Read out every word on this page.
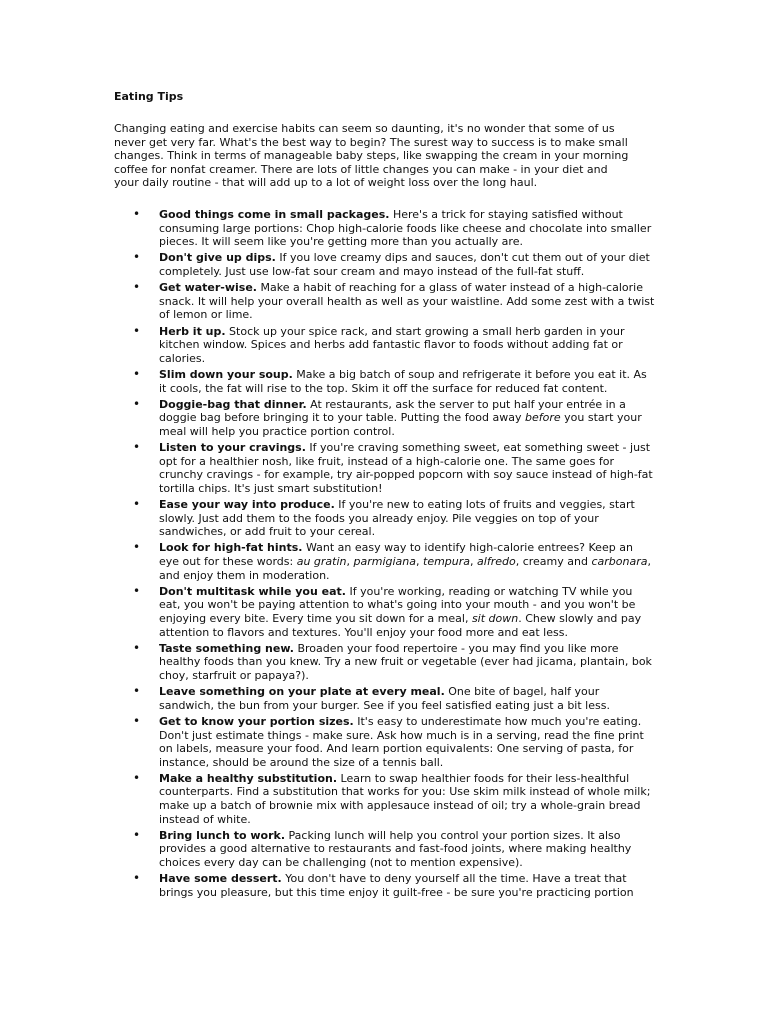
Eating Tips

Changing eating and exercise habits can seem so daunting, it's no wonder that some of us never get very far. What's the best way to begin? The surest way to success is to make small changes. Think in terms of manageable baby steps, like swapping the cream in your morning coffee for nonfat creamer. There are lots of little changes you can make - in your diet and your daily routine - that will add up to a lot of weight loss over the long haul.

• Good things come in small packages. Here's a trick for staying satisfied without consuming large portions: Chop high-calorie foods like cheese and chocolate into smaller pieces. It will seem like you're getting more than you actually are.
• Don't give up dips. If you love creamy dips and sauces, don't cut them out of your diet completely. Just use low-fat sour cream and mayo instead of the full-fat stuff.
• Get water-wise. Make a habit of reaching for a glass of water instead of a high-calorie snack. It will help your overall health as well as your waistline. Add some zest with a twist of lemon or lime.
• Herb it up. Stock up your spice rack, and start growing a small herb garden in your kitchen window. Spices and herbs add fantastic flavor to foods without adding fat or calories.
• Slim down your soup. Make a big batch of soup and refrigerate it before you eat it. As it cools, the fat will rise to the top. Skim it off the surface for reduced fat content.
• Doggie-bag that dinner. At restaurants, ask the server to put half your entrée in a doggie bag before bringing it to your table. Putting the food away before you start your meal will help you practice portion control.
• Listen to your cravings. If you're craving something sweet, eat something sweet - just opt for a healthier nosh, like fruit, instead of a high-calorie one. The same goes for crunchy cravings - for example, try air-popped popcorn with soy sauce instead of high-fat tortilla chips. It's just smart substitution!
• Ease your way into produce. If you're new to eating lots of fruits and veggies, start slowly. Just add them to the foods you already enjoy. Pile veggies on top of your sandwiches, or add fruit to your cereal.
• Look for high-fat hints. Want an easy way to identify high-calorie entrees? Keep an eye out for these words: au gratin, parmigiana, tempura, alfredo, creamy and carbonara, and enjoy them in moderation.
• Don't multitask while you eat. If you're working, reading or watching TV while you eat, you won't be paying attention to what's going into your mouth - and you won't be enjoying every bite. Every time you sit down for a meal, sit down. Chew slowly and pay attention to flavors and textures. You'll enjoy your food more and eat less.
• Taste something new. Broaden your food repertoire - you may find you like more healthy foods than you knew. Try a new fruit or vegetable (ever had jicama, plantain, bok choy, starfruit or papaya?).
• Leave something on your plate at every meal. One bite of bagel, half your sandwich, the bun from your burger. See if you feel satisfied eating just a bit less.
• Get to know your portion sizes. It's easy to underestimate how much you're eating. Don't just estimate things - make sure. Ask how much is in a serving, read the fine print on labels, measure your food. And learn portion equivalents: One serving of pasta, for instance, should be around the size of a tennis ball.
• Make a healthy substitution. Learn to swap healthier foods for their less-healthful counterparts. Find a substitution that works for you: Use skim milk instead of whole milk; make up a batch of brownie mix with applesauce instead of oil; try a whole-grain bread instead of white.
• Bring lunch to work. Packing lunch will help you control your portion sizes. It also provides a good alternative to restaurants and fast-food joints, where making healthy choices every day can be challenging (not to mention expensive).
• Have some dessert. You don't have to deny yourself all the time. Have a treat that brings you pleasure, but this time enjoy it guilt-free - be sure you're practicing portion
